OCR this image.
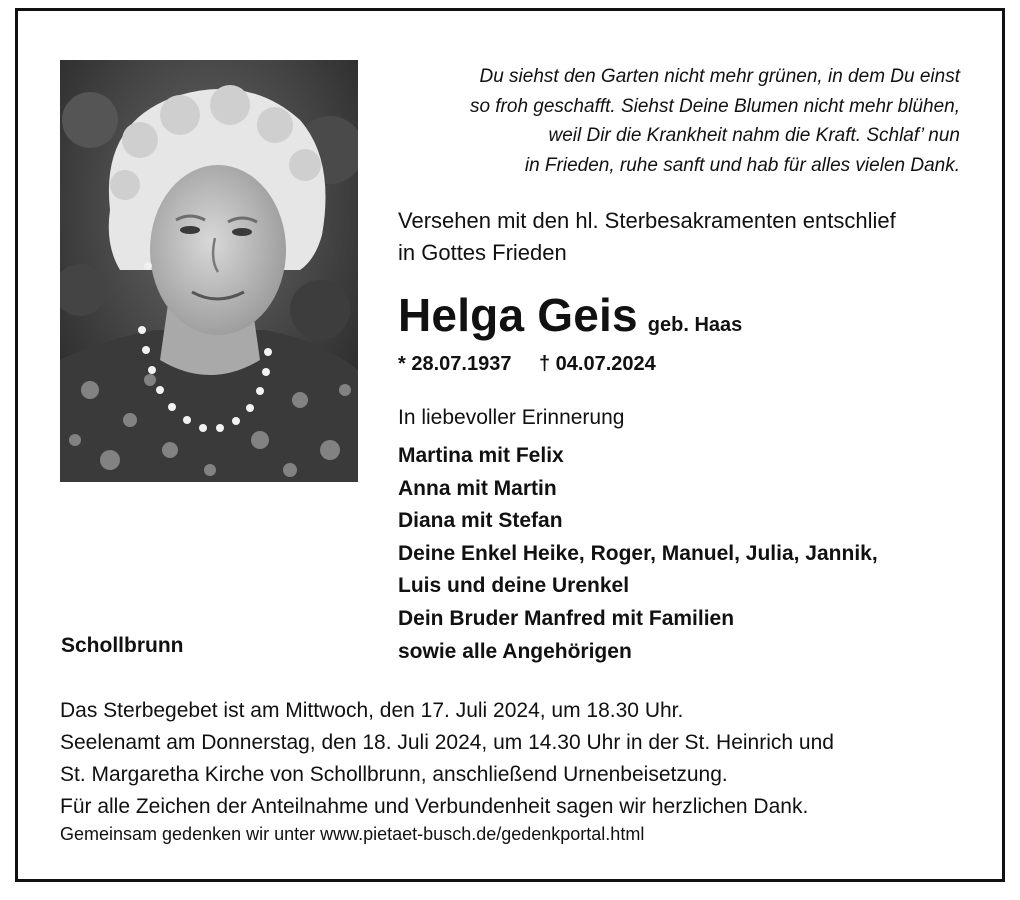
Du siehst den Garten nicht mehr grünen, in dem Du einst
so froh geschafft. Siehst Deine Blumen nicht mehr blühen,
weil Dir die Krankheit nahm die Kraft. Schlaf’ nun
in Frieden, ruhe sanft und hab für alles vielen Dank.
Versehen mit den hl. Sterbesakramenten entschlief
in Gottes Frieden
Helga Geis geb. Haas
* 28.07.1937 † 04.07.2024
In liebevoller Erinnerung
Martina mit Felix
Anna mit Martin
Diana mit Stefan
Deine Enkel Heike, Roger, Manuel, Julia, Jannik,
Luis und deine Urenkel
Dein Bruder Manfred mit Familien
sowie alle Angehörigen
Schollbrunn
Das Sterbegebet ist am Mittwoch, den 17. Juli 2024, um 18.30 Uhr.
Seelenamt am Donnerstag, den 18. Juli 2024, um 14.30 Uhr in der St. Heinrich und
St. Margaretha Kirche von Schollbrunn, anschließend Urnenbeisetzung.
Für alle Zeichen der Anteilnahme und Verbundenheit sagen wir herzlichen Dank.
Gemeinsam gedenken wir unter www.pietaet-busch.de/gedenkportal.html
